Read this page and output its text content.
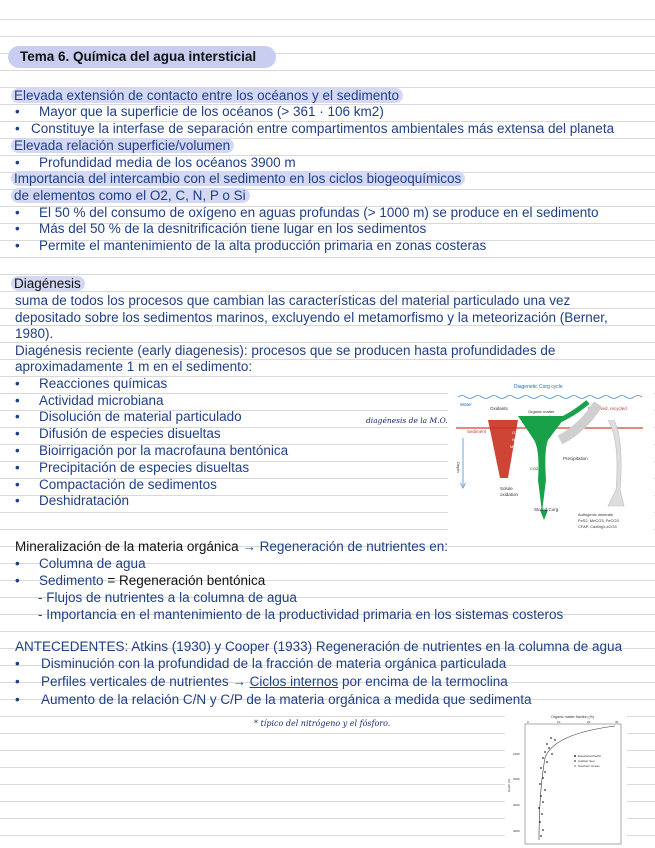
Tema 6. Química del agua intersticial
Elevada extensión de contacto entre los océanos y el sedimento
• Mayor que la superficie de los océanos (> 361 · 106 km2)
• Constituye la interfase de separación entre compartimentos ambientales más extensa del planeta
Elevada relación superficie/volumen
• Profundidad media de los océanos 3900 m
Importancia del intercambio con el sedimento en los ciclos biogeoquímicos
de elementos como el O2, C, N, P o Si
• El 50 % del consumo de oxígeno en aguas profundas (> 1000 m) se produce en el sedimento
• Más del 50 % de la desnitrificación tiene lugar en los sedimentos
• Permite el mantenimiento de la alta producción primaria en zonas costeras
Diagénesis
suma de todos los procesos que cambian las características del material particulado una vez
depositado sobre los sedimentos marinos, excluyendo el metamorfismo y la meteorización (Berner,
1980).
Diagénesis reciente (early diagenesis): procesos que se producen hasta profundidades de
aproximadamente 1 m en el sedimento:
• Reacciones químicas
• Actividad microbiana
• Disolución de material particulado
• Difusión de especies disueltas
• Bioirrigación por la macrofauna bentónica
• Precipitación de especies disueltas
• Compactación de sedimentos
• Deshidratación
diagénesis de la M.O.
Diagenetic Corg cycle
Water
Oxidants
Organic matter
Dissolved, recycled
Sediment
Depth
O2
NO3
MnO2
Fe-Ox
SO4
CO2
Precipitation
Solute
oxidation
Stored Corg
Authigenic minerals
FeS2, MnCO3, FeCO3
CFAP, CaxMg1-xCO3
Mineralización de la materia orgánica → Regeneración de nutrientes en:
• Columna de agua
• Sedimento = Regeneración bentónica
- Flujos de nutrientes a la columna de agua
- Importancia en el mantenimiento de la productividad primaria en los sistemas costeros
ANTECEDENTES: Atkins (1930) y Cooper (1933) Regeneración de nutrientes en la columna de agua
• Disminución con la profundidad de la fracción de materia orgánica particulada
• Perfiles verticales de nutrientes → Ciclos internos por encima de la termoclina
• Aumento de la relación C/N y C/P de la materia orgánica a medida que sedimenta
* típico del nitrógeno y el fósforo.
Organic matter fraction (%)
0	10	20	30
1000
2000
3000
4000
Depth (m)
Equatorial Pacific
Arabian Sea
Southern Ocean
